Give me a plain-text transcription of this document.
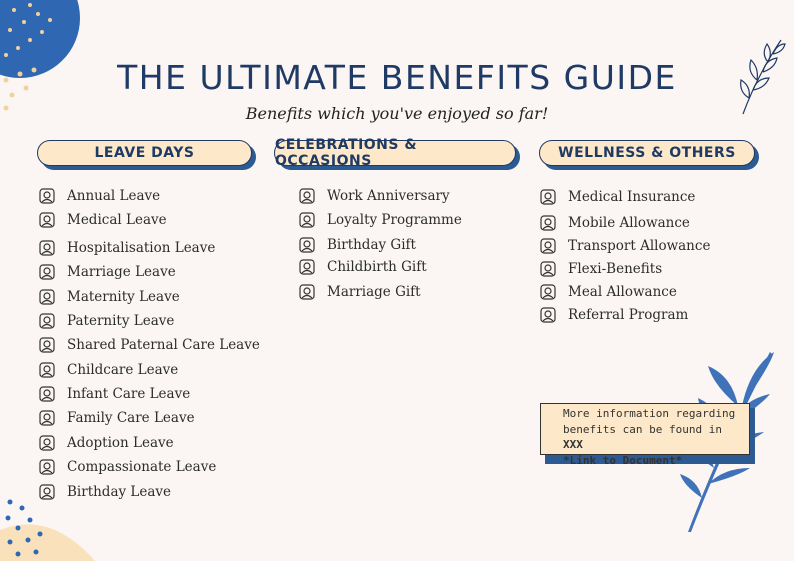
THE ULTIMATE BENEFITS GUIDE
Benefits which you've enjoyed so far!
LEAVE DAYS	CELEBRATIONS & OCCASIONS	WELLNESS & OTHERS
Annual Leave
Medical Leave
Hospitalisation Leave
Marriage Leave
Maternity Leave
Paternity Leave
Shared Paternal Care Leave
Childcare Leave
Infant Care Leave
Family Care Leave
Adoption Leave
Compassionate Leave
Birthday Leave
Work Anniversary
Loyalty Programme
Birthday Gift
Childbirth Gift
Marriage Gift
Medical Insurance
Mobile Allowance
Transport Allowance
Flexi-Benefits
Meal Allowance
Referral Program
More information regarding
benefits can be found in XXX
*Link to Document*
